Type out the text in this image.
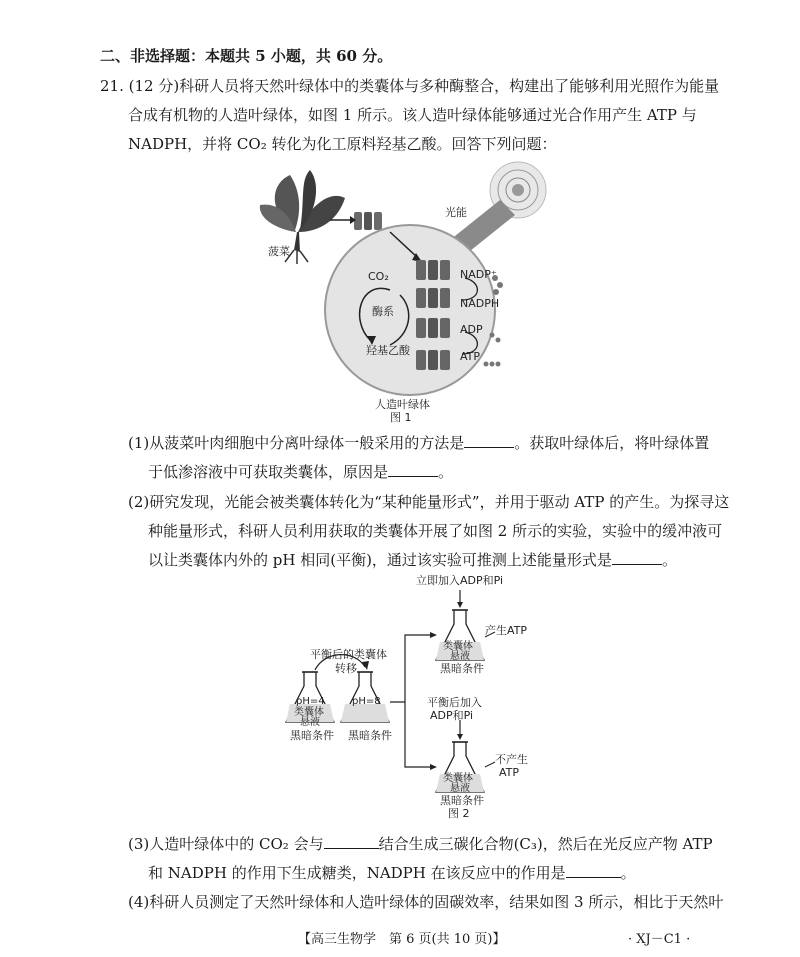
二、非选择题：本题共 5 小题，共 60 分。
21. (12 分)科研人员将天然叶绿体中的类囊体与多种酶整合，构建出了能够利用光照作为能量
合成有机物的人造叶绿体，如图 1 所示。该人造叶绿体能够通过光合作用产生 ATP 与
NADPH，并将 CO₂ 转化为化工原料羟基乙酸。回答下列问题：
菠菜
光能
CO₂
酶系
羟基乙酸
NADP⁺
NADPH
ADP
ATP
人造叶绿体
图 1
(1)从菠菜叶肉细胞中分离叶绿体一般采用的方法是	。获取叶绿体后，将叶绿体置
于低渗溶液中可获取类囊体，原因是	。
(2)研究发现，光能会被类囊体转化为“某种能量形式”，并用于驱动 ATP 的产生。为探寻这
种能量形式，科研人员利用获取的类囊体开展了如图 2 所示的实验，实验中的缓冲液可
以让类囊体内外的 pH 相同(平衡)，通过该实验可推测上述能量形式是	。
立即加入ADP和Pi
产生ATP
类囊体
悬液
黑暗条件
平衡后的类囊体
转移
pH=4	pH=8
类囊体
悬液
黑暗条件 黑暗条件
平衡后加入
ADP和Pi
不产生
ATP
类囊体
悬液
黑暗条件
图 2
(3)人造叶绿体中的 CO₂ 会与	结合生成三碳化合物(C₃)，然后在光反应产物 ATP
和 NADPH 的作用下生成糖类，NADPH 在该反应中的作用是	。
(4)科研人员测定了天然叶绿体和人造叶绿体的固碳效率，结果如图 3 所示，相比于天然叶
【高三生物学　第 6 页(共 10 页)】	· XJ－C1 ·
